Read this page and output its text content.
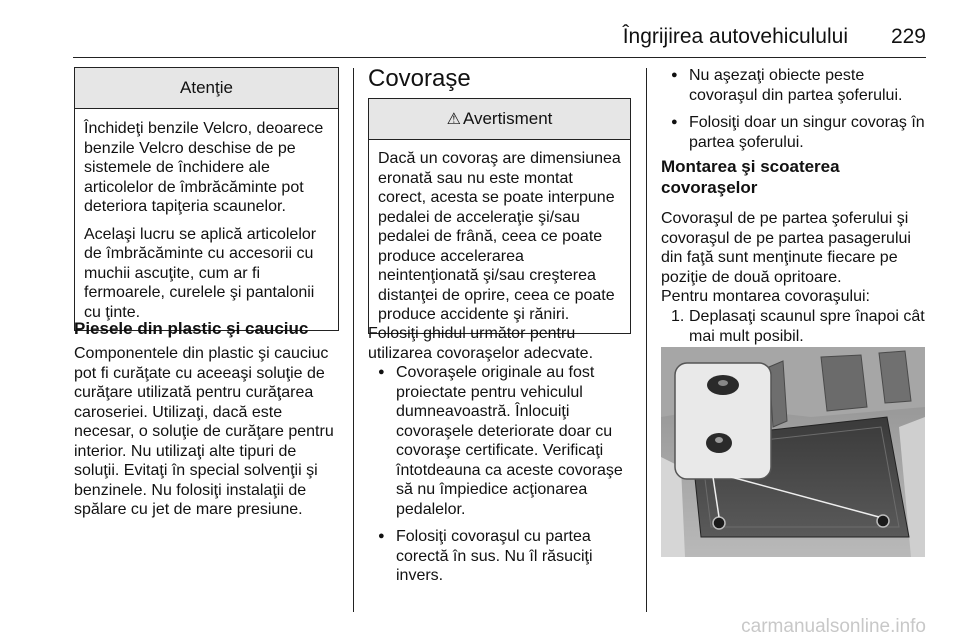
Îngrijirea autovehiculului 229
Atenţie

Închideţi benzile Velcro, deoarece benzile Velcro deschise de pe sistemele de închidere ale articolelor de îmbrăcăminte pot deteriora tapiţeria scaunelor.

Acelaşi lucru se aplică articolelor de îmbrăcăminte cu accesorii cu muchii ascuţite, cum ar fi fermoarele, curelele şi pantalonii cu ţinte.

Piesele din plastic şi cauciuc
Componentele din plastic şi cauciuc pot fi curăţate cu aceeaşi soluţie de curăţare utilizată pentru curăţarea caroseriei. Utilizaţi, dacă este necesar, o soluţie de curăţare pentru interior. Nu utilizaţi alte tipuri de soluţii. Evitaţi în special solvenţii şi benzinele. Nu folosiţi instalaţii de spălare cu jet de mare presiune.
Covoraşe
⚠ Avertisment

Dacă un covoraş are dimensiunea eronată sau nu este montat corect, acesta se poate interpune pedalei de acceleraţie şi/sau pedalei de frână, ceea ce poate produce accelerarea neintenţionată şi/sau creşterea distanţei de oprire, ceea ce poate produce accidente şi răniri.

Folosiţi ghidul următor pentru utilizarea covoraşelor adecvate.
● Covoraşele originale au fost proiectate pentru vehiculul dumneavoastră. Înlocuiţi covoraşele deteriorate doar cu covoraşe certificate. Verificaţi întotdeauna ca aceste covoraşe să nu împiedice acţionarea pedalelor.
● Folosiţi covoraşul cu partea corectă în sus. Nu îl răsuciţi invers.
● Nu aşezaţi obiecte peste covoraşul din partea şoferului.
● Folosiţi doar un singur covoraş în partea şoferului.
Montarea şi scoaterea covoraşelor
Covoraşul de pe partea şoferului şi covoraşul de pe partea pasagerului din faţă sunt menţinute fiecare pe poziţie de două opritoare.
Pentru montarea covoraşului:
1. Deplasaţi scaunul spre înapoi cât mai mult posibil.
carmanualsonline.info
